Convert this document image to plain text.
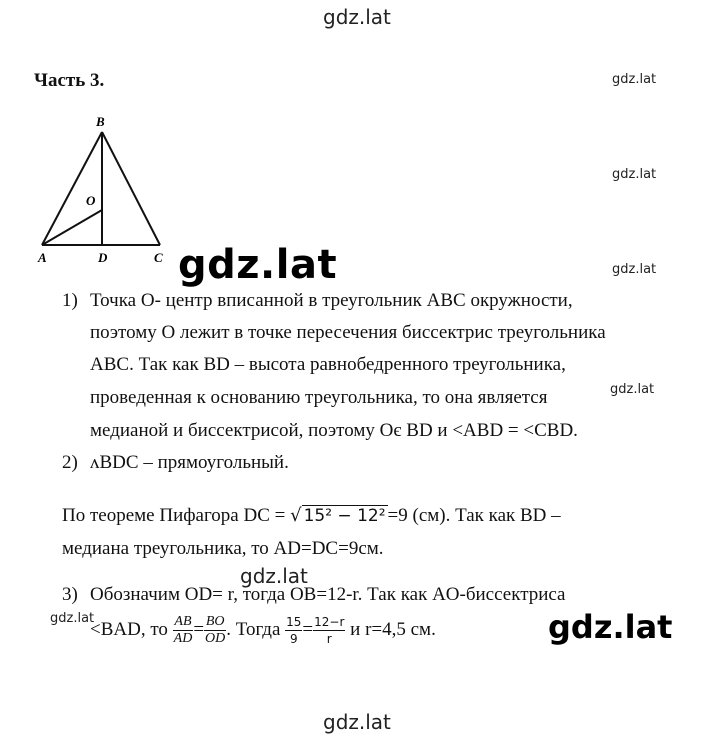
gdz.lat
gdz.lat
gdz.lat
gdz.lat
gdz.lat
gdz.lat
gdz.lat
gdz.lat	gdz.lat
gdz.lat
Часть 3.
B
O
A	D	C
1) Точка О- центр вписанной в треугольник АВС окружности,
поэтому О лежит в точке пересечения биссектрис треугольника
АВС. Так как BD – высота равнобедренного треугольника,
проведенная к основанию треугольника, то она является
медианой и биссектрисой, поэтому Оє BD и <ABD = <CBD.
2) ʌBDC – прямоугольный.
По теореме Пифагора DC = √ 15² − 12² =9 (см). Так как BD –
медиана треугольника, то AD=DC=9см.
3) Обозначим OD= r, тогда OB=12-r. Так как AO-биссектриса
<BAD, то $\frac{AB}{AD} = \frac{BO}{OD}$ . Тогда $\frac{15}{9} = \frac{12-r}{r}$ и r=4,5 см.
